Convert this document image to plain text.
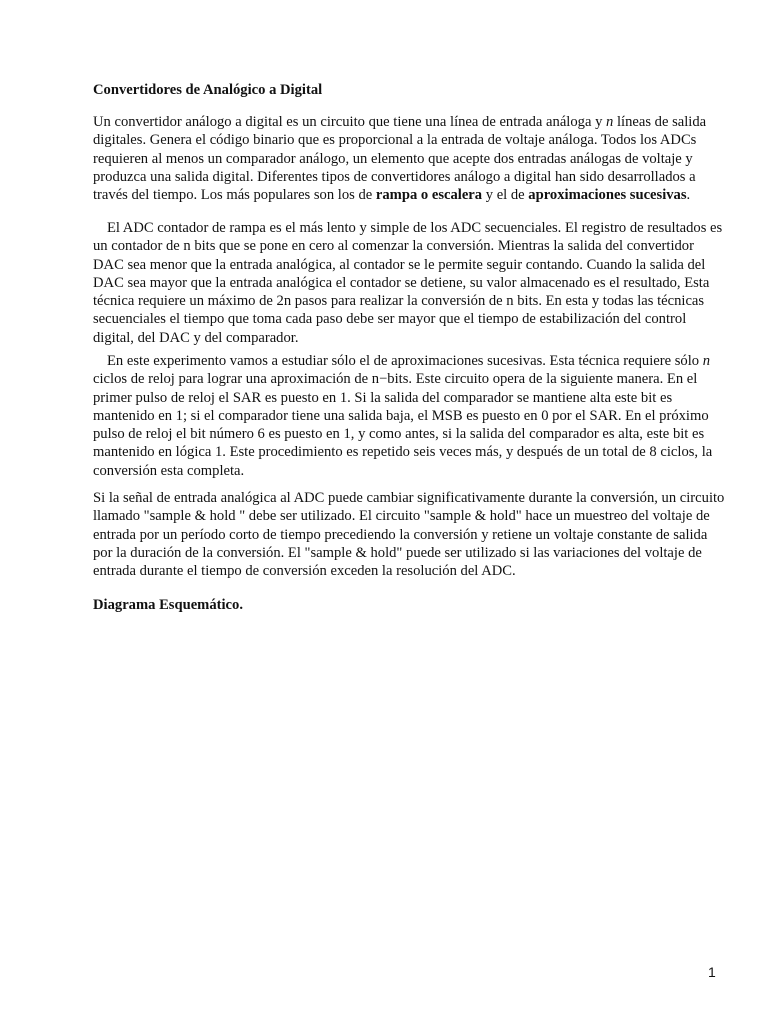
Convertidores de Analógico a Digital

Un convertidor análogo a digital es un circuito que tiene una línea de entrada análoga y n líneas de salida digitales. Genera el código binario que es proporcional a la entrada de voltaje análoga. Todos los ADCs requieren al menos un comparador análogo, un elemento que acepte dos entradas análogas de voltaje y produzca una salida digital. Diferentes tipos de convertidores análogo a digital han sido desarrollados a través del tiempo. Los más populares son los de rampa o escalera y el de aproximaciones sucesivas.

El ADC contador de rampa es el más lento y simple de los ADC secuenciales. El registro de resultados es un contador de n bits que se pone en cero al comenzar la conversión. Mientras la salida del convertidor DAC sea menor que la entrada analógica, al contador se le permite seguir contando. Cuando la salida del DAC sea mayor que la entrada analógica el contador se detiene, su valor almacenado es el resultado, Esta técnica requiere un máximo de 2n pasos para realizar la conversión de n bits. En esta y todas las técnicas secuenciales el tiempo que toma cada paso debe ser mayor que el tiempo de estabilización del control digital, del DAC y del comparador.

En este experimento vamos a estudiar sólo el de aproximaciones sucesivas. Esta técnica requiere sólo n ciclos de reloj para lograr una aproximación de n−bits. Este circuito opera de la siguiente manera. En el primer pulso de reloj el SAR es puesto en 1. Si la salida del comparador se mantiene alta este bit es mantenido en 1; si el comparador tiene una salida baja, el MSB es puesto en 0 por el SAR. En el próximo pulso de reloj el bit número 6 es puesto en 1, y como antes, si la salida del comparador es alta, este bit es mantenido en lógica 1. Este procedimiento es repetido seis veces más, y después de un total de 8 ciclos, la conversión esta completa.

Si la señal de entrada analógica al ADC puede cambiar significativamente durante la conversión, un circuito llamado "sample & hold " debe ser utilizado. El circuito "sample & hold" hace un muestreo del voltaje de entrada por un período corto de tiempo precediendo la conversión y retiene un voltaje constante de salida por la duración de la conversión. El "sample & hold" puede ser utilizado si las variaciones del voltaje de entrada durante el tiempo de conversión exceden la resolución del ADC.

Diagrama Esquemático.
1
